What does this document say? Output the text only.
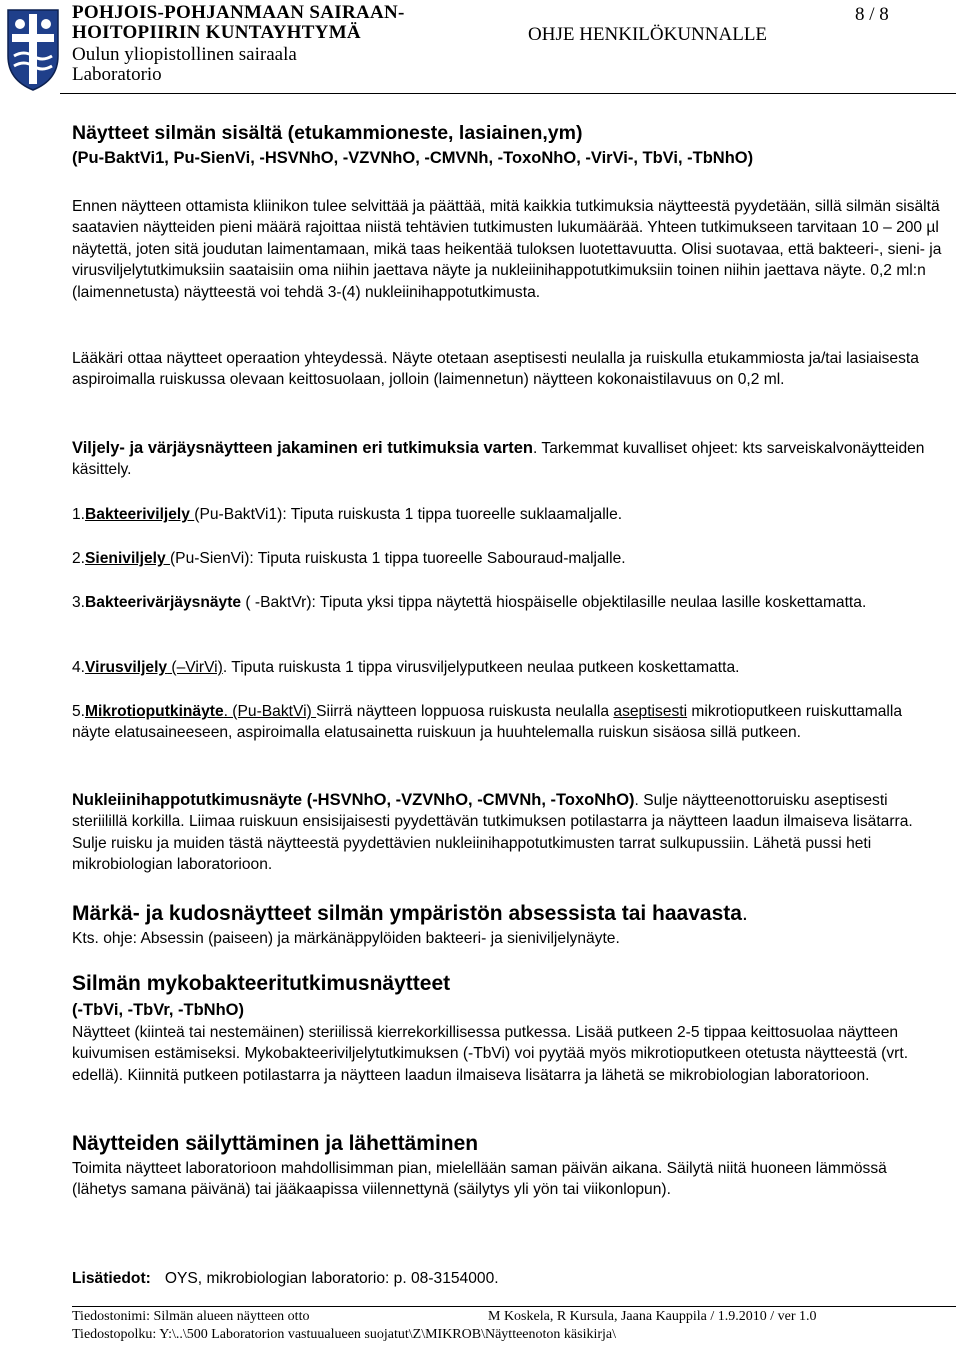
POHJOIS-POHJANMAAN SAIRAAN-
HOITOPIIRIN KUNTAYHTYMÄ
Oulun yliopistollinen sairaala
Laboratorio
OHJE HENKILÖKUNNALLE
8 / 8
Näytteet silmän sisältä (etukammioneste, lasiainen,ym)
(Pu-BaktVi1, Pu-SienVi, -HSVNhO, -VZVNhO, -CMVNh, -ToxoNhO, -VirVi-, TbVi, -TbNhO)

Ennen näytteen ottamista kliinikon tulee selvittää ja päättää, mitä kaikkia tutkimuksia näytteestä pyydetään, sillä silmän sisältä saatavien näytteiden pieni määrä rajoittaa niistä tehtävien tutkimusten lukumäärää. Yhteen tutkimukseen tarvitaan 10 – 200 µl näytettä, joten sitä joudutan laimentamaan, mikä taas heikentää tuloksen luotettavuutta. Olisi suotavaa, että bakteeri-, sieni- ja virusviljelytutkimuksiin saataisiin oma niihin jaettava näyte ja nukleiinihappotutkimuksiin toinen niihin jaettava näyte. 0,2 ml:n (laimennetusta) näytteestä voi tehdä 3-(4) nukleiinihappotutkimusta.

Lääkäri ottaa näytteet operaation yhteydessä. Näyte otetaan aseptisesti neulalla ja ruiskulla etukammiosta ja/tai lasiaisesta aspiroimalla ruiskussa olevaan keittosuolaan, jolloin (laimennetun) näytteen kokonaistilavuus on 0,2 ml.

Viljely- ja värjäysnäytteen jakaminen eri tutkimuksia varten. Tarkemmat kuvalliset ohjeet: kts sarveiskalvonäytteiden käsittely.

1.Bakteeriviljely (Pu-BaktVi1): Tiputa ruiskusta 1 tippa tuoreelle suklaamaljalle.

2.Sieniviljely (Pu-SienVi): Tiputa ruiskusta 1 tippa tuoreelle Sabouraud-maljalle.

3.Bakteerivärjäysnäyte ( -BaktVr): Tiputa yksi tippa näytettä hiospäiselle objektilasille neulaa lasille koskettamatta.

4.Virusviljely (–VirVi). Tiputa ruiskusta 1 tippa virusviljelyputkeen neulaa putkeen koskettamatta.

5.Mikrotioputkinäyte. (Pu-BaktVi) Siirrä näytteen loppuosa ruiskusta neulalla aseptisesti mikrotioputkeen ruiskuttamalla näyte elatusaineeseen, aspiroimalla elatusainetta ruiskuun ja huuhtelemalla ruiskun sisäosa sillä putkeen.

Nukleiinihappotutkimusnäyte (-HSVNhO, -VZVNhO, -CMVNh, -ToxoNhO). Sulje näytteenottoruisku aseptisesti steriilillä korkilla. Liimaa ruiskuun ensisijaisesti pyydettävän tutkimuksen potilastarra ja näytteen laadun ilmaiseva lisätarra. Sulje ruisku ja muiden tästä näytteestä pyydettävien nukleiinihappotutkimusten tarrat sulkupussiin. Lähetä pussi heti mikrobiologian laboratorioon.

Märkä- ja kudosnäytteet silmän ympäristön absessista tai haavasta.

Kts. ohje: Absessin (paiseen) ja märkänäppylöiden bakteeri- ja sieniviljelynäyte.

Silmän mykobakteeritutkimusnäytteet
(-TbVi, -TbVr, -TbNhO)

Näytteet (kiinteä tai nestemäinen) steriilissä kierrekorkillisessa putkessa. Lisää putkeen 2-5 tippaa keittosuolaa näytteen kuivumisen estämiseksi. Mykobakteeriviljelytutkimuksen (-TbVi) voi pyytää myös mikrotioputkeen otetusta näytteestä (vrt. edellä). Kiinnitä putkeen potilastarra ja näytteen laadun ilmaiseva lisätarra ja lähetä se mikrobiologian laboratorioon.

Näytteiden säilyttäminen ja lähettäminen

Toimita näytteet laboratorioon mahdollisimman pian, mielellään saman päivän aikana. Säilytä niitä huoneen lämmössä (lähetys samana päivänä) tai jääkaapissa viilennettynä (säilytys yli yön tai viikonlopun).

Lisätiedot: OYS, mikrobiologian laboratorio: p. 08-3154000.
Tiedostonimi: Silmän alueen näytteen otto	M Koskela, R Kursula, Jaana Kauppila / 1.9.2010 / ver 1.0
Tiedostopolku: Y:\..\500 Laboratorion vastuualueen suojatut\Z\MIKROB\Näytteenoton käsikirja\
